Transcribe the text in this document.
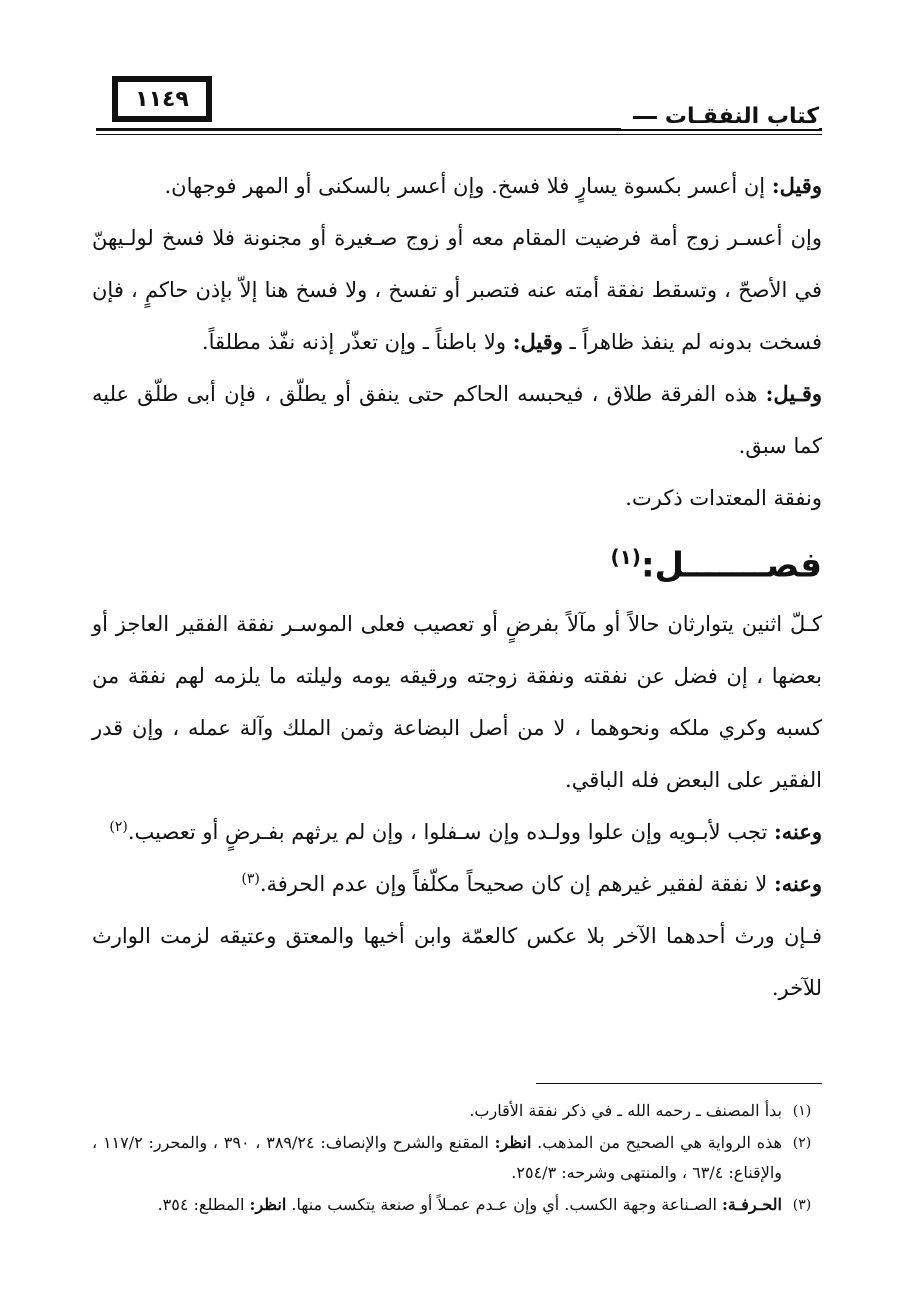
١١٤٩
كتاب النفقـات

وقيل: إن أعسر بكسوة يسارٍ فلا فسخ. وإن أعسر بالسكنى أو المهر فوجهان.

وإن أعسـر زوج أمة فرضيت المقام معه أو زوج صـغيرة أو مجنونة فلا فسخ لولـيهنّ في الأصحّ ، وتسقط نفقة أمته عنه فتصبر أو تفسخ ، ولا فسخ هنا إلاّ بإذن حاكمٍ ، فإن فسخت بدونه لم ينفذ ظاهراً ـ وقيل: ولا باطناً ـ وإن تعذّر إذنه نفّذ مطلقاً.

وقـيل: هذه الفرقة طلاق ، فيحبسه الحاكم حتى ينفق أو يطلّق ، فإن أبى طلّق عليه كما سبق.

ونفقة المعتدات ذكرت.

فصـــــــل:$^{(١)}$

كـلّ اثنين يتوارثان حالاً أو مآلاً بفرضٍ أو تعصيب فعلى الموسـر نفقة الفقير العاجز أو بعضها ، إن فضل عن نفقته ونفقة زوجته ورقيقه يومه وليلته ما يلزمه لهم نفقة من كسبه وكري ملكه ونحوهما ، لا من أصل البضاعة وثمن الملك وآلة عمله ، وإن قدر الفقير على البعض فله الباقي.

وعنه: تجب لأبـويه وإن علوا وولـده وإن سـفلوا ، وإن لم يرثهم بفـرضٍ أو تعصيب.$^{(٢)}$

وعنه: لا نفقة لفقير غيرهم إن كان صحيحاً مكلّفاً وإن عدم الحرفة.$^{(٣)}$

فـإن ورث أحدهما الآخر بلا عكس كالعمّة وابن أخيها والمعتق وعتيقه لزمت الوارث للآخر.

(١)
بدأ المصنف ـ رحمه الله ـ في ذكر نفقة الأقارب.
(٢)
هذه الرواية هي الصحيح من المذهب. انظر: المقنع والشرح والإنصاف: ٣٨٩/٢٤ ، ٣٩٠ ، والمحرر: ١١٧/٢ ، والإقناع: ٦٣/٤ ، والمنتهى وشرحه: ٢٥٤/٣.
(٣)
الحـرفـة: الصـناعة وجهة الكسب. أي وإن عـدم عمـلاً أو صنعة يتكسب منها. انظر: المطلع: ٣٥٤.
